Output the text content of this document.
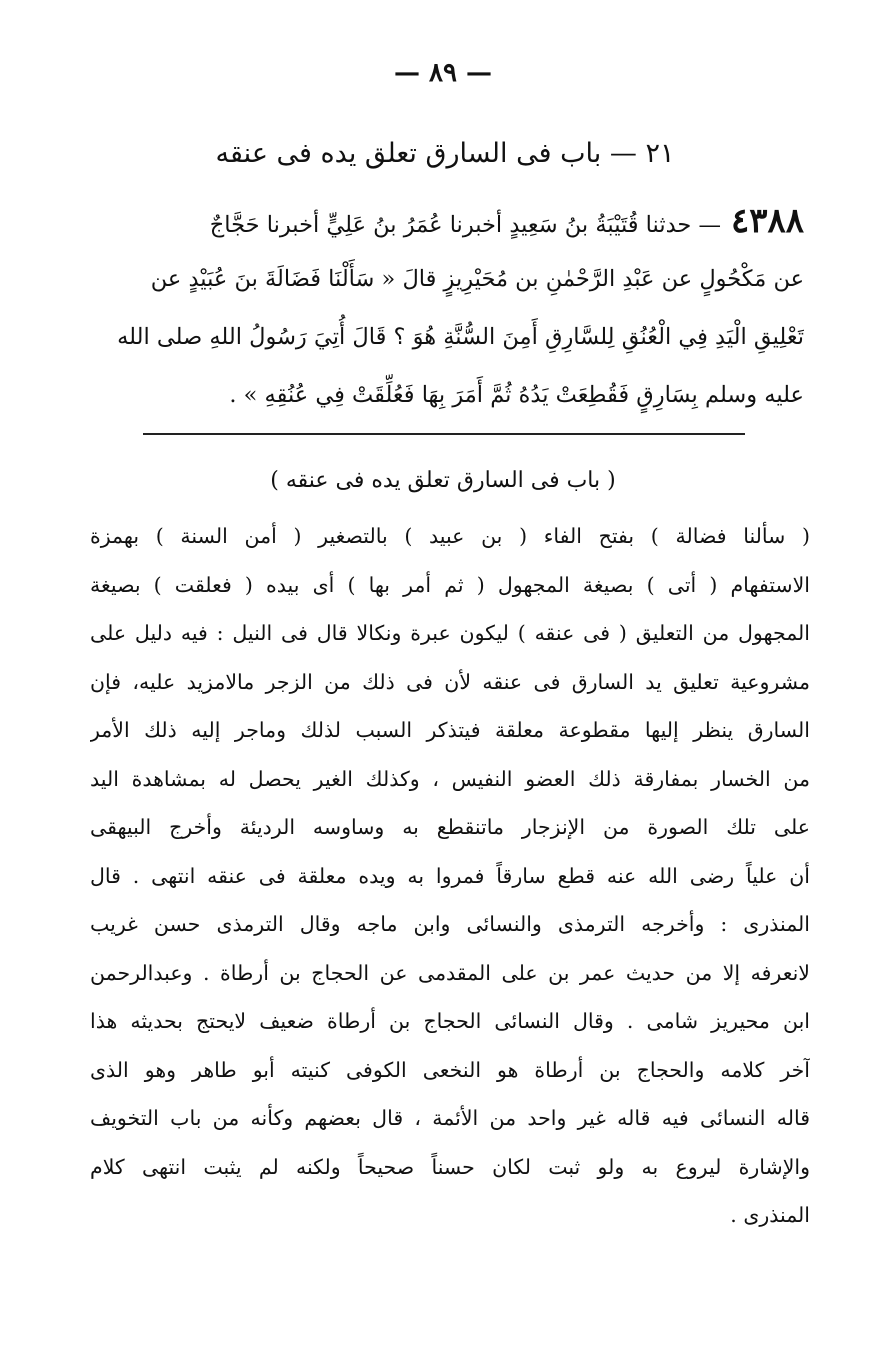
— ٨٩ —
٢١ — باب فى السارق تعلق يده فى عنقه
٤٣٨٨— حدثنا قُتَيْبَةُ بنُ سَعِيدٍ أخبرنا عُمَرُ بنُ عَلِيٍّ أخبرنا حَجَّاجٌ
عن مَكْحُولٍ عن عَبْدِ الرَّحْمٰنِ بن مُحَيْرِيزٍ قالَ « سَأَلْنَا فَضَالَةَ بنَ عُبَيْدٍ عن
تَعْلِيقِ الْيَدِ فِي الْعُنُقِ لِلسَّارِقِ أَمِنَ السُّنَّةِ هُوَ ؟ قَالَ أُتِيَ رَسُولُ اللهِ صلى الله
عليه وسلم بِسَارِقٍ فَقُطِعَتْ يَدُهُ ثُمَّ أَمَرَ بِهَا فَعُلِّقَتْ فِي عُنُقِهِ » .
( باب فى السارق تعلق يده فى عنقه )
( سألنا فضالة ) بفتح الفاء ( بن عبيد ) بالتصغير ( أمن السنة ) بهمزة
الاستفهام ( أتى ) بصيغة المجهول ( ثم أمر بها ) أى بيده ( فعلقت ) بصيغة
المجهول من التعليق ( فى عنقه ) ليكون عبرة ونكالا قال فى النيل : فيه دليل على
مشروعية تعليق يد السارق فى عنقه لأن فى ذلك من الزجر مالامزيد عليه، فإن
السارق ينظر إليها مقطوعة معلقة فيتذكر السبب لذلك وماجر إليه ذلك الأمر
من الخسار بمفارقة ذلك العضو النفيس ، وكذلك الغير يحصل له بمشاهدة اليد
على تلك الصورة من الإنزجار ماتنقطع به وساوسه الرديئة وأخرج البيهقى
أن علياً رضى الله عنه قطع سارقاً فمروا به ويده معلقة فى عنقه انتهى . قال
المنذرى : وأخرجه الترمذى والنسائى وابن ماجه وقال الترمذى حسن غريب
لانعرفه إلا من حديث عمر بن على المقدمى عن الحجاج بن أرطاة . وعبدالرحمن
ابن محيريز شامى . وقال النسائى الحجاج بن أرطاة ضعيف لايحتج بحديثه هذا
آخر كلامه والحجاج بن أرطاة هو النخعى الكوفى كنيته أبو طاهر وهو الذى
قاله النسائى فيه قاله غير واحد من الأئمة ، قال بعضهم وكأنه من باب التخويف
والإشارة ليروع به ولو ثبت لكان حسناً صحيحاً ولكنه لم يثبت انتهى كلام
المنذرى .
